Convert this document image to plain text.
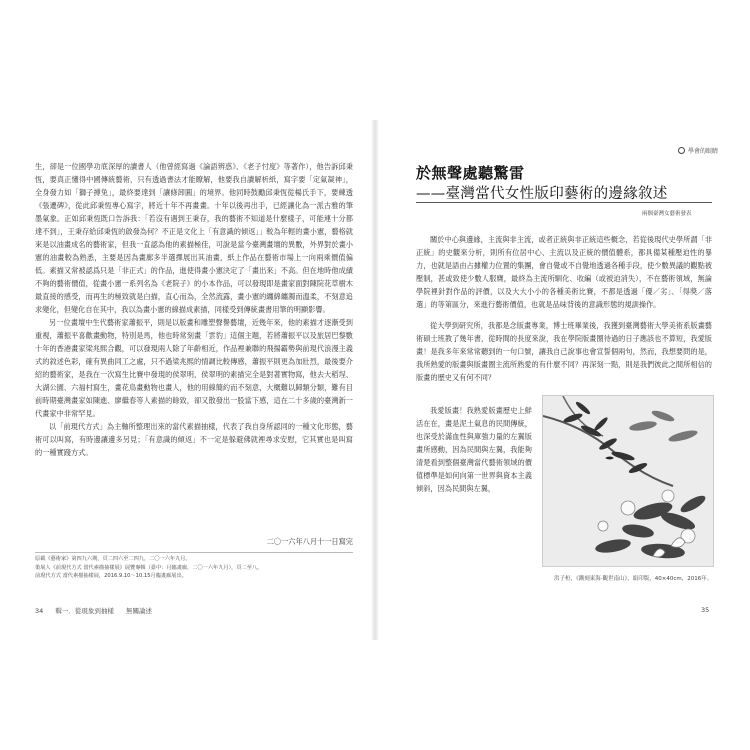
生，卻是一位國學功底深厚的讀書人（他曾經寫過《論語辨惑》、《老子忖度》等著作），他告訴邱秉恆，要真正懂得中國傳統藝術，只有透過書法才能瞭解，他要我自讀解析紙，寫字要「定氣凝神」，全身發力如「獅子搏兔」，最終要達到「讓條卸圓」的境界。他同時鼓勵邱秉恆從楊氏手下，要練透《張遷碑》，從此邱秉恆專心寫字，將近十年不再畫畫。十年以後再出手，已經讓化為一派古雅的筆墨氣象。正如邱秉恆既口告訴我：「若沒有遇到王秉存，我的藝術不知道是什麼樣子，可能連十分都達不到」，王秉存給邱秉恆的啟發為何？不正是文化上「有意識的傾返」」較為年輕的畫小憲，藝格就來是以油畫成名的藝術家，但我一直認為他的素描極佳，可說是當今臺灣畫壇的異數，外界對於畫小憲的油畫較為熟悉，主要是因為畫廊多半選擇展出其油畫，紙上作品在藝術市場上一向兩乘價值偏低。素描又常被認爲只是「非正式」的作品，進使得畫小憲決定了「畫出來」不高。但在地時他成績不夠的藝術價值，從畫小憲一系列名為《老院子》的小本作品，可以發現即是畫家面對陳院花草樹木最直接的感受，而再生的極致就是白描，直心而為，全然流露，畫小憲的纏綿纏濁而溫柔，不刻意追求變化，但變化自在其中，我以為畫小憲的線描成素描，同樣受到傳統畫書用筆的明顯影響。

另一位畫壇中生代藝術家蕭振平，則是以版畫和雕塑聲譽藝壇，近幾年來，他的素描才逐漸受到重視，蕭振平喜歡畫動物，特別是馬，他也時常刻畫「雲豹」這個主題，若將蕭振平以及旅居巴黎數十年的香港畫家梁兆熙合觀，可以發現兩人除了年齡相近，作品裡兼聯的飛揚霸勢與前現代浪漫主義式的敘述色彩，確有異曲同工之處，只不過梁兆熙的情調比較傳感，蕭振平則更為加壯烈，最後要介紹的藝術家，是我在一次寫生比賽中發現的侯翠明，侯翠明的素描完全是對著實物寫，他去大稻埕、大湖公園、六福村寫生，畫花鳥畫動物也畫人，他的用線簡約而不刻意，大概難以歸類分類，難有目前時期臺灣畫家如陳進、廖繼春等人素描的餘致，卻又散發出一股當下感，這在二十多歲的臺灣新一代畫家中非常罕見。

以「前現代方式」為主軸所整理出來的當代素描抽樣，代表了我自身所認同的一種文化形態，藝術可以叫寫，有時邊讓邊多另見；「有意識的傾返」不一定是躲避佛就裡尋求安慰，它其實也是叫寫的一種實踐方式。

二〇一六年八月十一日寫完
原載《藝術家》第四九六期，頁二四六至二四九，二〇一六年九月。
策展人《前現代方式 當代素描抽樣展》展覽專輯（臺中：月臨畫廊，二〇一六年九月），頁二至八。
前現代方式 當代素描抽樣展，2016.9.10～10.15月臨畫廊展出。
34 輯一．從現象到抽樣 無關論述
學會的眼睛
於無聲處聽驚雷
——臺灣當代女性版印藝術的邊緣敘述
兩個臺灣女藝術發表

關於中心與邊緣，主流與非主流，或者正統與非正統這些概念，若從後現代史學所謂「非正統」的史觀來分析，則所有位居中心、主流以及正統的價值體系，都具備某種壓迫性的暴力，也就是語由占據權力位置的集團，會自覺或不自覺地透過各種手段，使少數異議的觀點被壓制，甚或致使少數人服膺，最終為主流所馴化、收編（或被迫消失），不在藝術領域，無論學院裡針對作品的評價，以及大大小小的各種美術比賽，不都是透過「優／劣」、「得獎／落選」的等第區分，來進行藝術價值，也就是品味背後的意識形態的規訓操作。

從大學到研究所，我都是念版畫專業，博士班畢業後，我獲到臺灣藝術大學美術系版畫藝術碩士班教了幾年書，從時間的長度來說，我在學院版畫圈待過的日子應該也不算短，我愛版畫！是我多年來常常聽到的一句口號，讓我自己說事也會宣誓個兩句，然而，我想要問的是，我所熟愛的版畫與版畫圈主流所熟愛的有什麼不同？再深刻一點，則是我們彼此之間所相信的版畫的歷史又有何不同？

我愛版畫！我熟愛版畫歷史上鮮活在在，畫是泥土氣息的民間傳統，也深受於滿血性與庫強力量的左翼版畫所感動，因為民間與左翼，我能夠清楚看到整個臺灣當代藝術領域的價值標準是如何向第一世界與資本主義傾斜，因為民間與左翼，

洪子桓，《鐫刻東海‧觀世南山》，絹印版，40×40cm，2016年。
35
